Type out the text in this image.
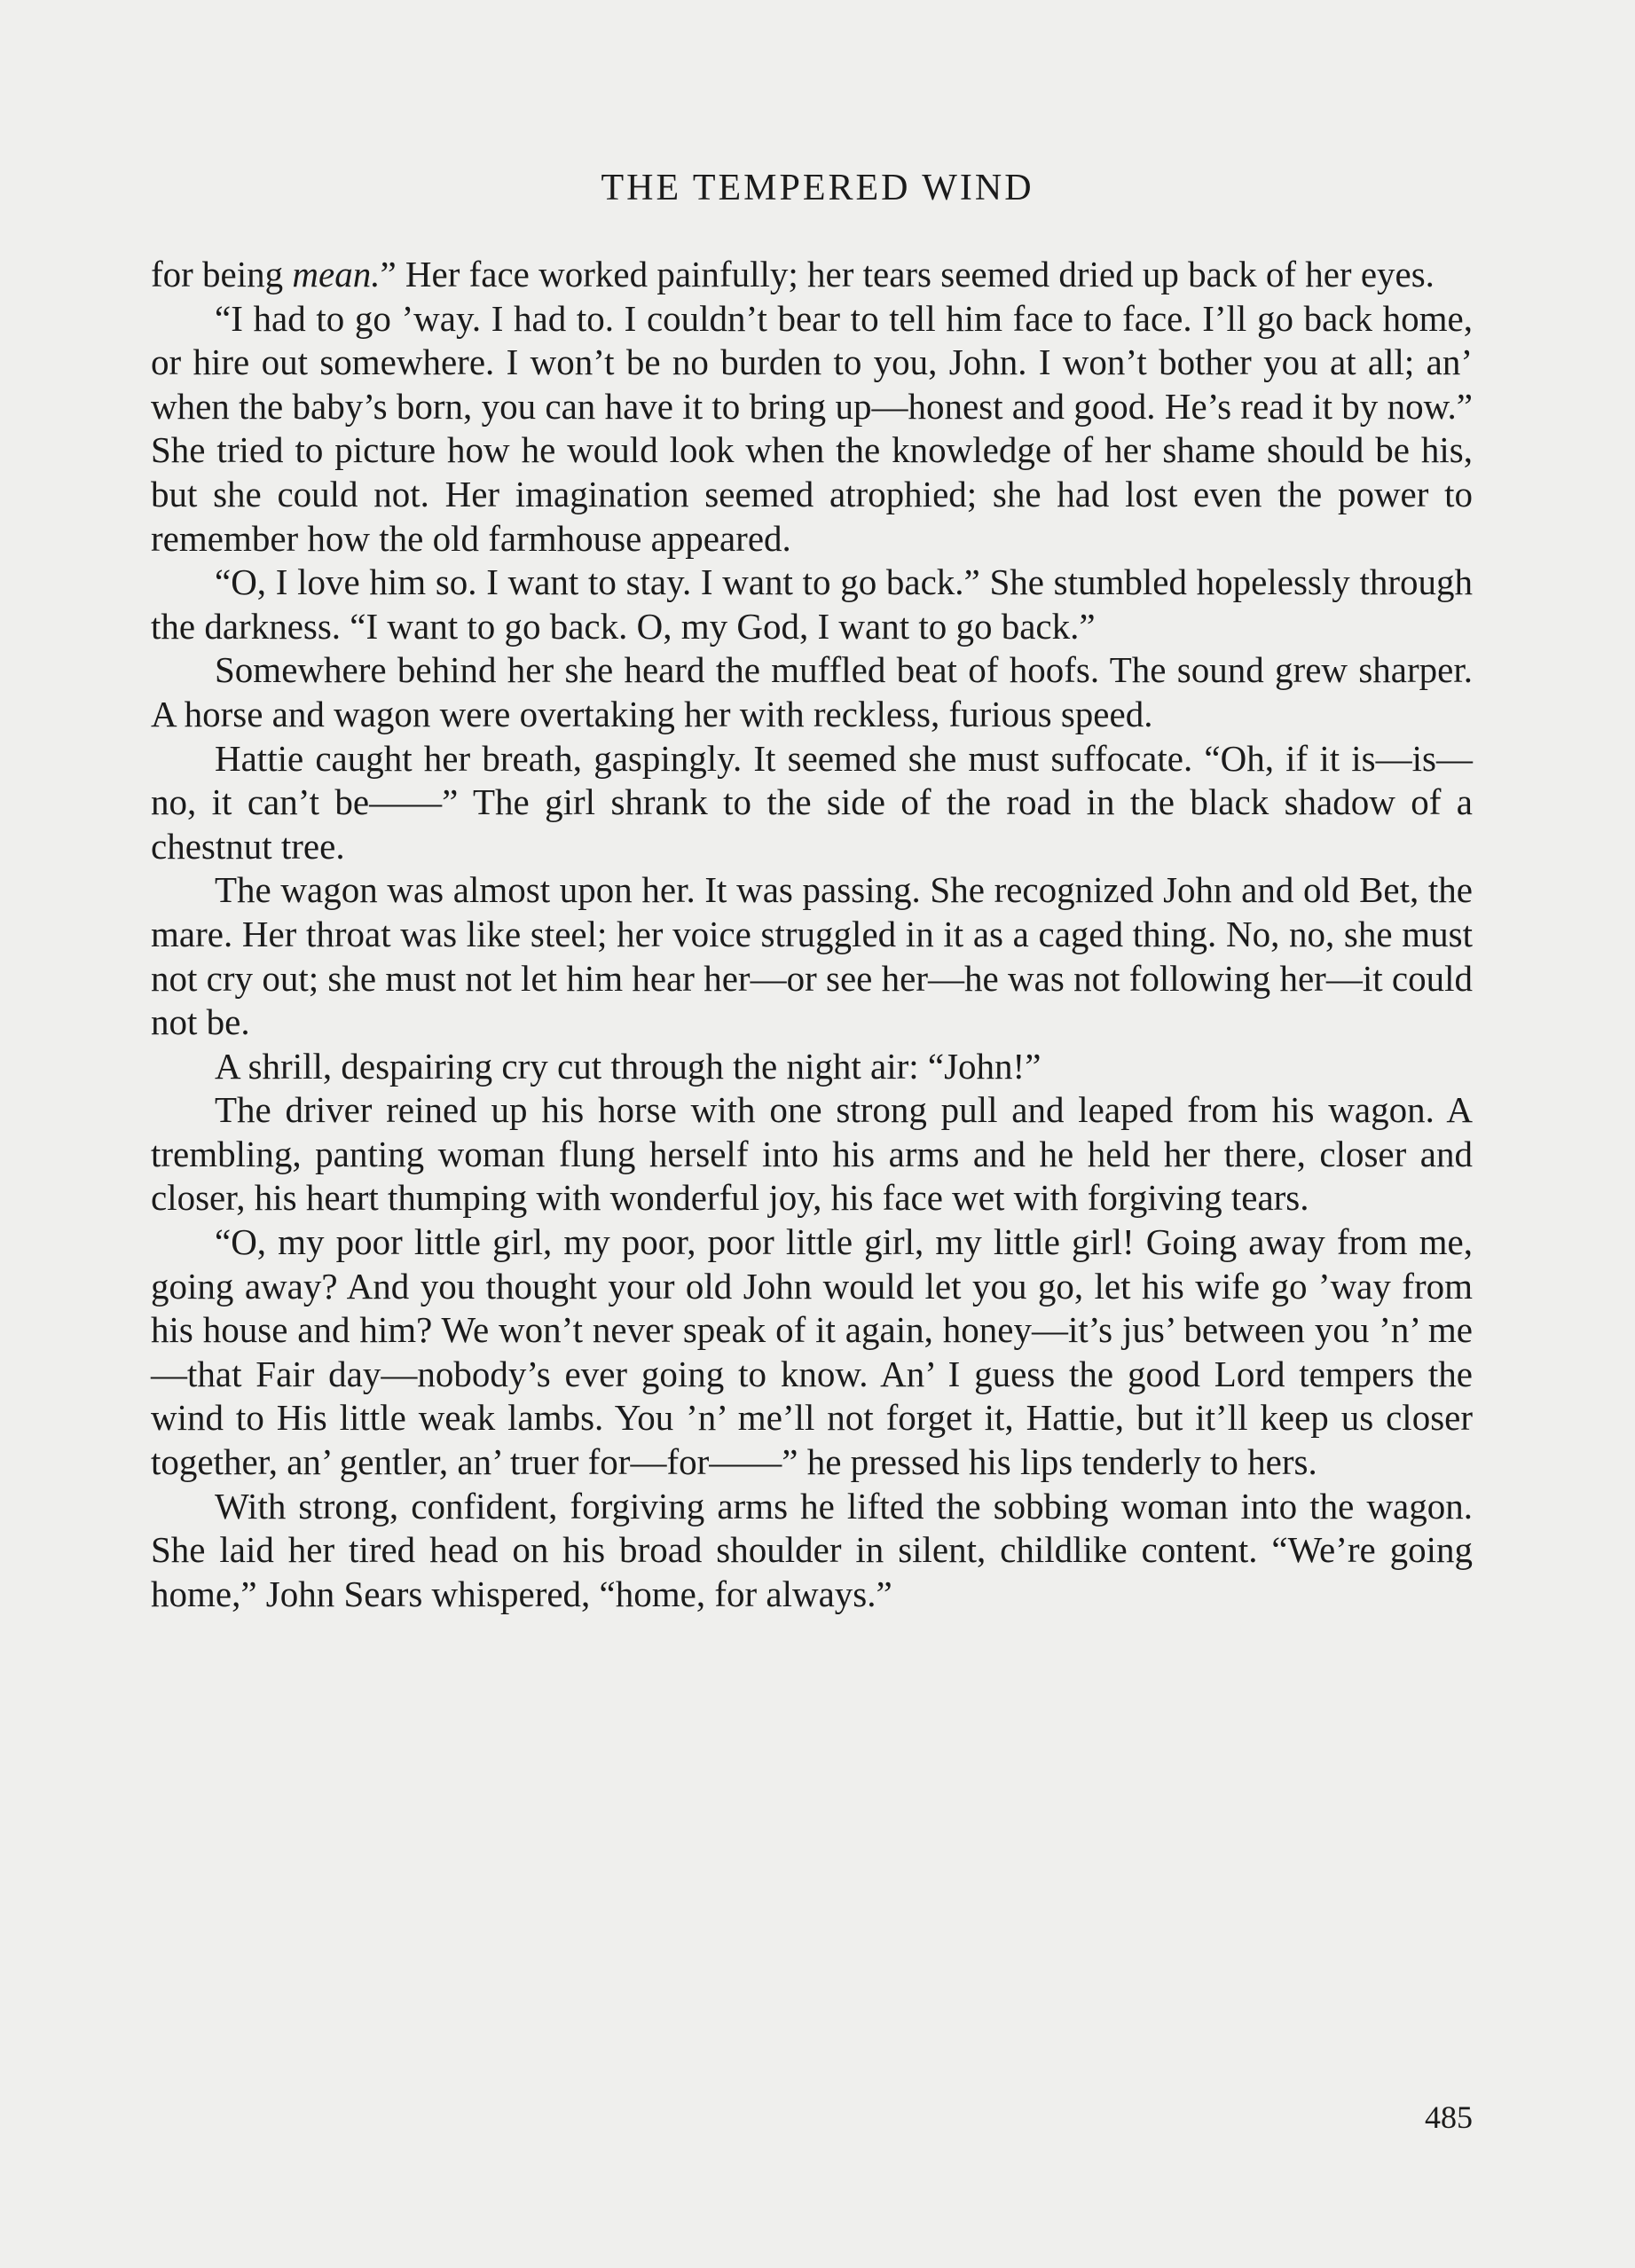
THE TEMPERED WIND

for being mean.” Her face worked painfully; her tears seemed dried up back of her eyes.

“I had to go ’way. I had to. I couldn’t bear to tell him face to face. I’ll go back home, or hire out somewhere. I won’t be no burden to you, John. I won’t bother you at all; an’ when the baby’s born, you can have it to bring up—honest and good. He’s read it by now.” She tried to picture how he would look when the knowledge of her shame should be his, but she could not. Her imagination seemed atrophied; she had lost even the power to remember how the old farmhouse appeared.

“O, I love him so. I want to stay. I want to go back.” She stumbled hopelessly through the darkness. “I want to go back. O, my God, I want to go back.”

Somewhere behind her she heard the muffled beat of hoofs. The sound grew sharper. A horse and wagon were overtaking her with reckless, furious speed.

Hattie caught her breath, gaspingly. It seemed she must suffocate. “Oh, if it is—is—no, it can’t be——” The girl shrank to the side of the road in the black shadow of a chestnut tree.

The wagon was almost upon her. It was passing. She recognized John and old Bet, the mare. Her throat was like steel; her voice struggled in it as a caged thing. No, no, she must not cry out; she must not let him hear her—or see her—he was not following her—it could not be.

A shrill, despairing cry cut through the night air: “John!”

The driver reined up his horse with one strong pull and leaped from his wagon. A trembling, panting woman flung herself into his arms and he held her there, closer and closer, his heart thumping with wonderful joy, his face wet with forgiving tears.

“O, my poor little girl, my poor, poor little girl, my little girl! Going away from me, going away? And you thought your old John would let you go, let his wife go ’way from his house and him? We won’t never speak of it again, honey—it’s jus’ between you ’n’ me—that Fair day—nobody’s ever going to know. An’ I guess the good Lord tempers the wind to His little weak lambs. You ’n’ me’ll not forget it, Hattie, but it’ll keep us closer together, an’ gentler, an’ truer for—for——” he pressed his lips tenderly to hers.

With strong, confident, forgiving arms he lifted the sobbing woman into the wagon. She laid her tired head on his broad shoulder in silent, childlike content. “We’re going home,” John Sears whispered, “home, for always.”

485
